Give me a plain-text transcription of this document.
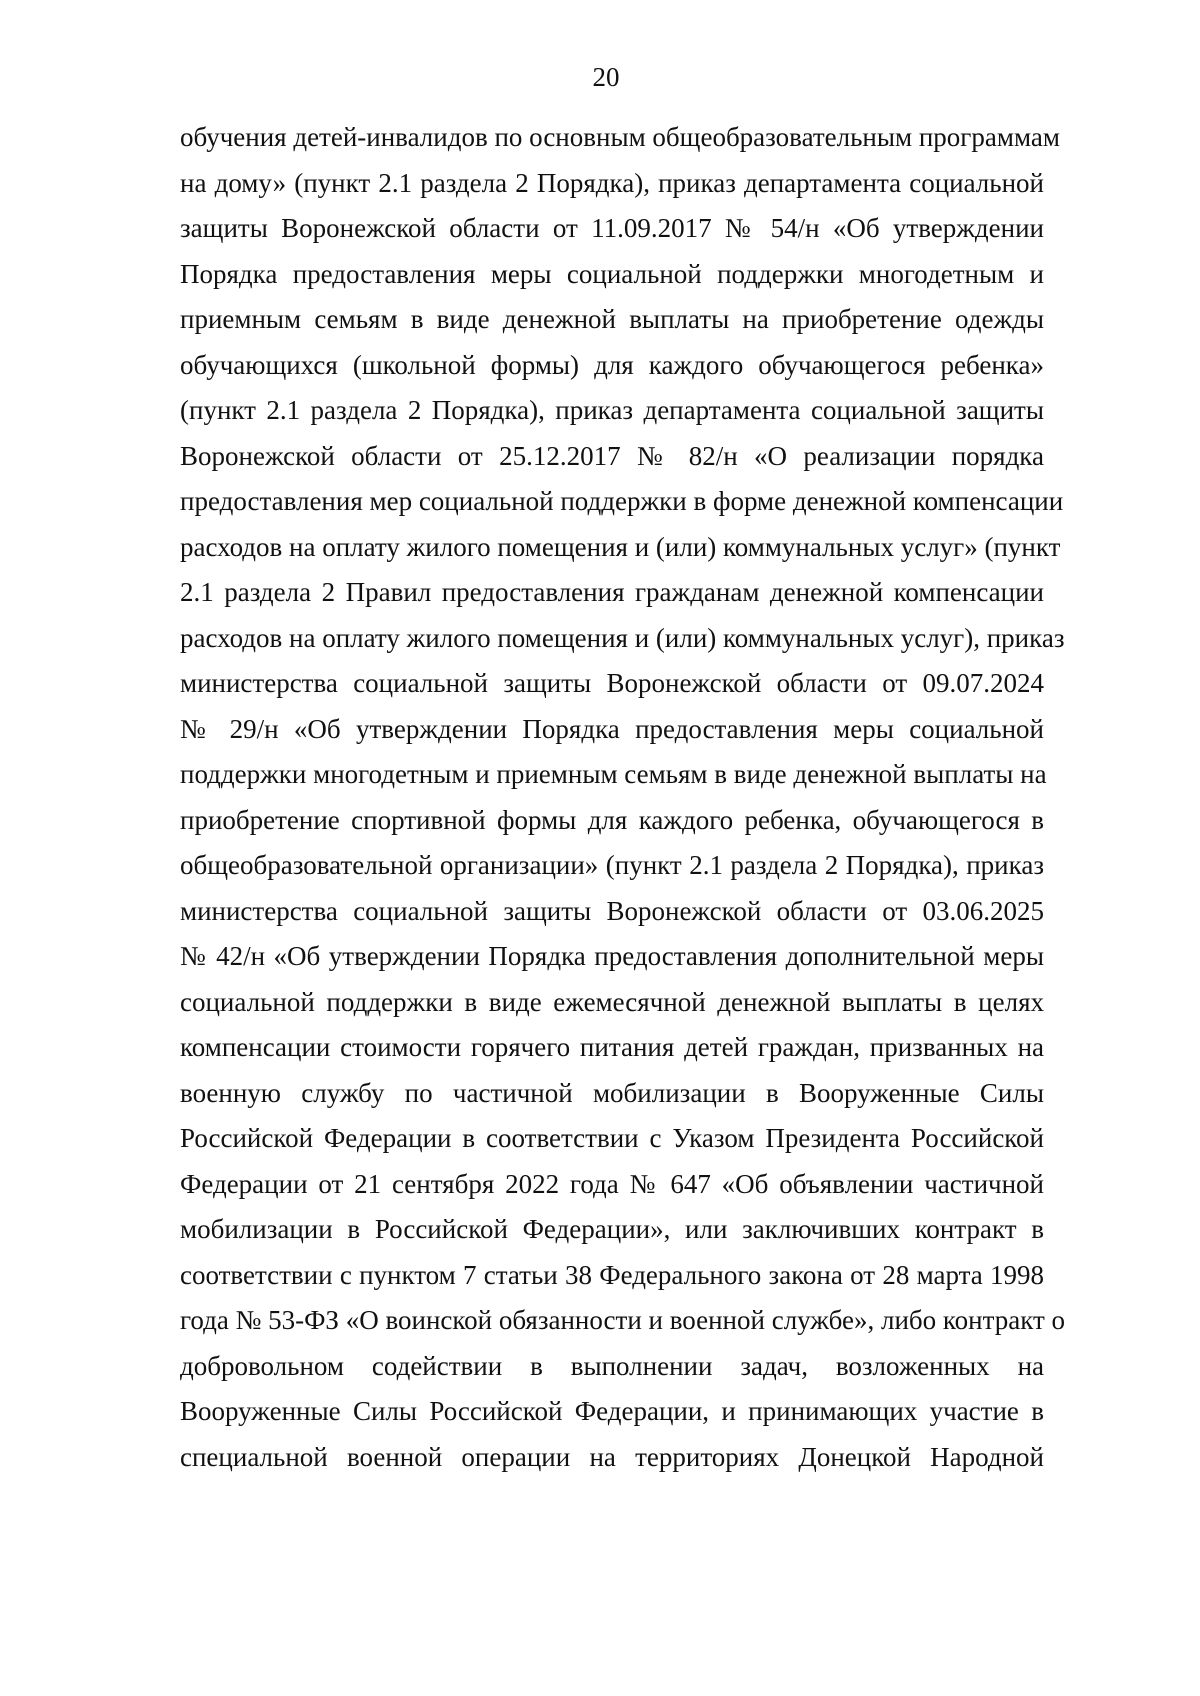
20
обучения детей-инвалидов по основным общеобразовательным программам
на дому» (пункт 2.1 раздела 2 Порядка), приказ департамента социальной
защиты Воронежской области от 11.09.2017 № 54/н «Об утверждении
Порядка предоставления меры социальной поддержки многодетным и
приемным семьям в виде денежной выплаты на приобретение одежды
обучающихся (школьной формы) для каждого обучающегося ребенка»
(пункт 2.1 раздела 2 Порядка), приказ департамента социальной защиты
Воронежской области от 25.12.2017 № 82/н «О реализации порядка
предоставления мер социальной поддержки в форме денежной компенсации
расходов на оплату жилого помещения и (или) коммунальных услуг» (пункт
2.1 раздела 2 Правил предоставления гражданам денежной компенсации
расходов на оплату жилого помещения и (или) коммунальных услуг), приказ
министерства социальной защиты Воронежской области от 09.07.2024
№ 29/н «Об утверждении Порядка предоставления меры социальной
поддержки многодетным и приемным семьям в виде денежной выплаты на
приобретение спортивной формы для каждого ребенка, обучающегося в
общеобразовательной организации» (пункт 2.1 раздела 2 Порядка), приказ
министерства социальной защиты Воронежской области от 03.06.2025
№ 42/н «Об утверждении Порядка предоставления дополнительной меры
социальной поддержки в виде ежемесячной денежной выплаты в целях
компенсации стоимости горячего питания детей граждан, призванных на
военную службу по частичной мобилизации в Вооруженные Силы
Российской Федерации в соответствии с Указом Президента Российской
Федерации от 21 сентября 2022 года № 647 «Об объявлении частичной
мобилизации в Российской Федерации», или заключивших контракт в
соответствии с пунктом 7 статьи 38 Федерального закона от 28 марта 1998
года № 53-ФЗ «О воинской обязанности и военной службе», либо контракт о
добровольном содействии в выполнении задач, возложенных на
Вооруженные Силы Российской Федерации, и принимающих участие в
специальной военной операции на территориях Донецкой Народной
